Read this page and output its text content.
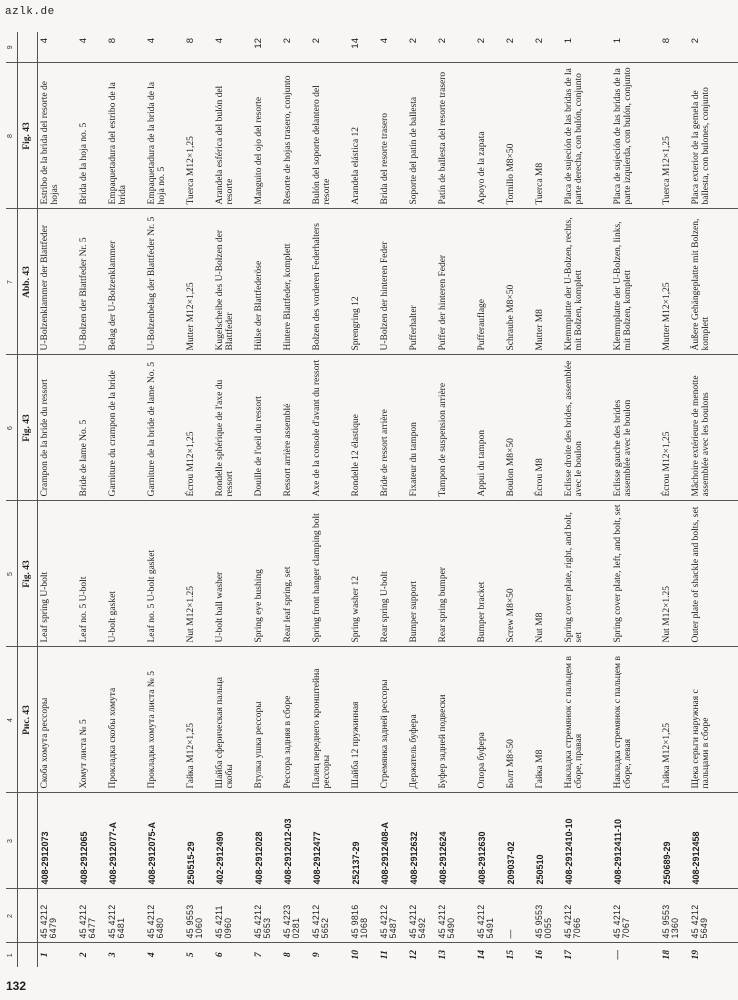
azlk.de
132
1	2	3	4	5	6	7	8	9
			Рис. 43	Fig. 43	Fig. 43	Abb. 43	Fig. 43	
1	45 4212 6479	408-2912073	Скоба хомута рессоры	Leaf spring U-bolt	Crampon de la bride du ressort	U-Bolzenklammer der Blattfeder	Estribo de la brida del resorte de hojas	4
2	45 4212 6477	408-2912065	Хомут листа № 5	Leaf no. 5 U-bolt	Bride de lame No. 5	U-Bolzen der Blattfeder Nr. 5	Brida de la hoja no. 5	4
3	45 4212 6481	408-2912077-A	Прокладка скобы хомута	U-bolt gasket	Garniture du crampon de la bride	Belag der U-Bolzenklammer	Empaquetadura del estribo de la brida	8
4	45 4212 6480	408-2912075-A	Прокладка хомута листа № 5	Leaf no. 5 U-bolt gasket	Garniture de la bride de lame No. 5	U-Bolzenbelag der Blattfeder Nr. 5	Empaquetadura de la brida de la hoja no. 5	4
5	45 9553 1060	250515-29	Гайка М12×1,25	Nut M12×1.25	Écrou M12×1,25	Mutter M12×1,25	Tuerca M12×1,25	8
6	45 4211 0960	402-2912490	Шайба сферическая пальца скобы	U-bolt ball washer	Rondelle sphérique de l'axe du ressort	Kugelscheibe des U-Bolzen der Blattfeder	Arandela esférica del bulón del resorte	4
7	45 4212 5653	408-2912028	Втулка ушка рессоры	Spring eye bushing	Douille de l'oeil du ressort	Hülse der Blattfederöse	Manguito del ojo del resorte	12
8	45 4223 0281	408-2912012-03	Рессора задняя в сборе	Rear leaf spring, set	Ressort arrière assemblé	Hintere Blattfeder, komplett	Resorte de hojas trasero, conjunto	2
9	45 4212 5652	408-2912477	Палец переднего кронштейна рессоры	Spring front hanger clamping bolt	Axe de la console d'avant du ressort	Bolzen des vorderen Federhalters	Bulón del soporte delantero del resorte	2
10	45 9816 1068	252137-29	Шайба 12 пружинная	Spring washer 12	Rondelle 12 élastique	Sprengring 12	Arandela elástica 12	14
11	45 4212 5487	408-2912408-A	Стремянка задней рессоры	Rear spring U-bolt	Bride de ressort arrière	U-Bolzen der hinteren Feder	Brida del resorte trasero	4
12	45 4212 5492	408-2912632	Держатель буфера	Bumper support	Fixateur du tampon	Pufferhalter	Soporte del patín de ballesta	2
13	45 4212 5490	408-2912624	Буфер задней подвески	Rear spring bumper	Tampon de suspension arrière	Puffer der hinteren Feder	Patín de ballesta del resorte trasero	2
14	45 4212 5491	408-2912630	Опора буфера	Bumper bracket	Appui du tampon	Pufferauflage	Apoyo de la zapata	2
15	—	209037-02	Болт М8×50	Screw M8×50	Boulon M8×50	Schraube M8×50	Tornillo M8×50	2
16	45 9553 0055	250510	Гайка М8	Nut M8	Écrou M8	Mutter M8	Tuerca M8	2
17	45 4212 7066	408-2912410-10	Накладка стремянок с пальцем в сборе, правая	Spring cover plate, right, and bolt, set	Eclisse droite des brides, assemblée avec le boulon	Klemmplatte der U-Bolzen, rechts, mit Bolzen, komplett	Placa de sujeción de las bridas de la parte derecha, con bulón, conjunto	1
—	45 4212 7067	408-2912411-10	Накладка стремянок с пальцем в сборе, левая	Spring cover plate, left, and bolt, set	Eclisse gauche des brides assemblée avec le boulon	Klemmplatte der U-Bolzen, links, mit Bolzen, komplett	Placa de sujeción de las bridas de la parte izquierda, con bulón, conjunto	1
18	45 9553 1360	250689-29	Гайка М12×1,25	Nut M12×1.25	Écrou M12×1,25	Mutter M12×1,25	Tuerca M12×1,25	8
19	45 4212 5649	408-2912458	Щека серьги наружная с пальцами в сборе	Outer plate of shackle and bolts, set	Mâchoire extérieure de menotte assemblée avec les boulons	Äußere Gehängeplatte mit Bolzen, komplett	Placa exterior de la gemela de ballesta, con bulones, conjunto	2
